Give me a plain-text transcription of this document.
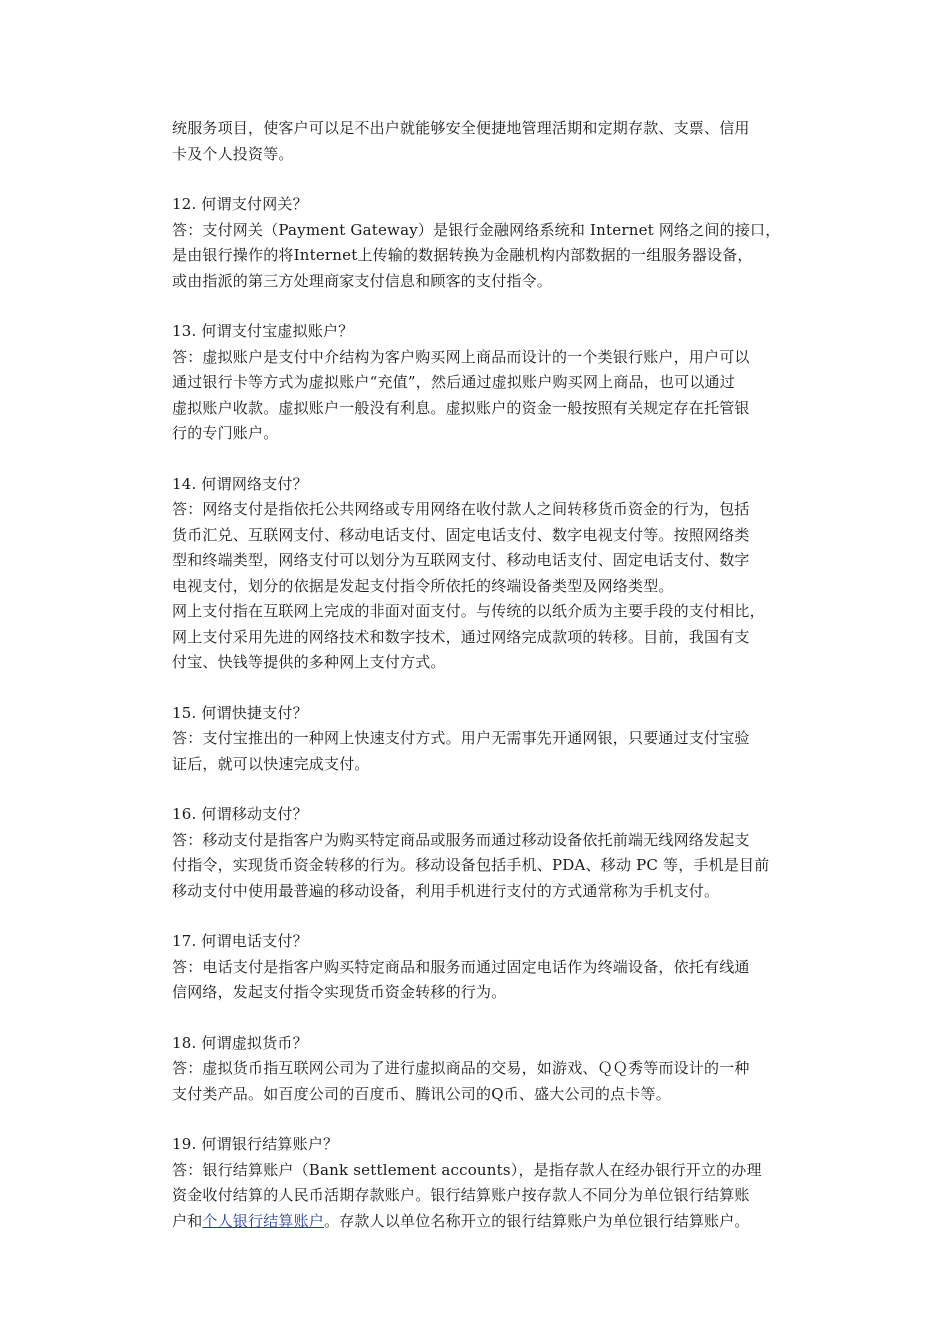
统服务项目，使客户可以足不出户就能够安全便捷地管理活期和定期存款、支票、信用
卡及个人投资等。
12. 何谓支付网关？
答：支付网关（Payment Gateway）是银行金融网络系统和 Internet 网络之间的接口，
是由银行操作的将Internet上传输的数据转换为金融机构内部数据的一组服务器设备，
或由指派的第三方处理商家支付信息和顾客的支付指令。
13. 何谓支付宝虚拟账户？
答：虚拟账户是支付中介结构为客户购买网上商品而设计的一个类银行账户，用户可以
通过银行卡等方式为虚拟账户“充值”，然后通过虚拟账户购买网上商品，也可以通过
虚拟账户收款。虚拟账户一般没有利息。虚拟账户的资金一般按照有关规定存在托管银
行的专门账户。
14. 何谓网络支付？
答：网络支付是指依托公共网络或专用网络在收付款人之间转移货币资金的行为，包括
货币汇兑、互联网支付、移动电话支付、固定电话支付、数字电视支付等。按照网络类
型和终端类型，网络支付可以划分为互联网支付、移动电话支付、固定电话支付、数字
电视支付，划分的依据是发起支付指令所依托的终端设备类型及网络类型。
网上支付指在互联网上完成的非面对面支付。与传统的以纸介质为主要手段的支付相比，
网上支付采用先进的网络技术和数字技术，通过网络完成款项的转移。目前，我国有支
付宝、快钱等提供的多种网上支付方式。
15. 何谓快捷支付？
答：支付宝推出的一种网上快速支付方式。用户无需事先开通网银，只要通过支付宝验
证后，就可以快速完成支付。
16. 何谓移动支付？
答：移动支付是指客户为购买特定商品或服务而通过移动设备依托前端无线网络发起支
付指令，实现货币资金转移的行为。移动设备包括手机、PDA、移动 PC 等，手机是目前
移动支付中使用最普遍的移动设备，利用手机进行支付的方式通常称为手机支付。
17. 何谓电话支付？
答：电话支付是指客户购买特定商品和服务而通过固定电话作为终端设备，依托有线通
信网络，发起支付指令实现货币资金转移的行为。
18. 何谓虚拟货币？
答：虚拟货币指互联网公司为了进行虚拟商品的交易，如游戏、ＱＱ秀等而设计的一种
支付类产品。如百度公司的百度币、腾讯公司的Q币、盛大公司的点卡等。
19. 何谓银行结算账户？
答：银行结算账户（Bank settlement accounts），是指存款人在经办银行开立的办理
资金收付结算的人民币活期存款账户。银行结算账户按存款人不同分为单位银行结算账
户和个人银行结算账户。存款人以单位名称开立的银行结算账户为单位银行结算账户。
